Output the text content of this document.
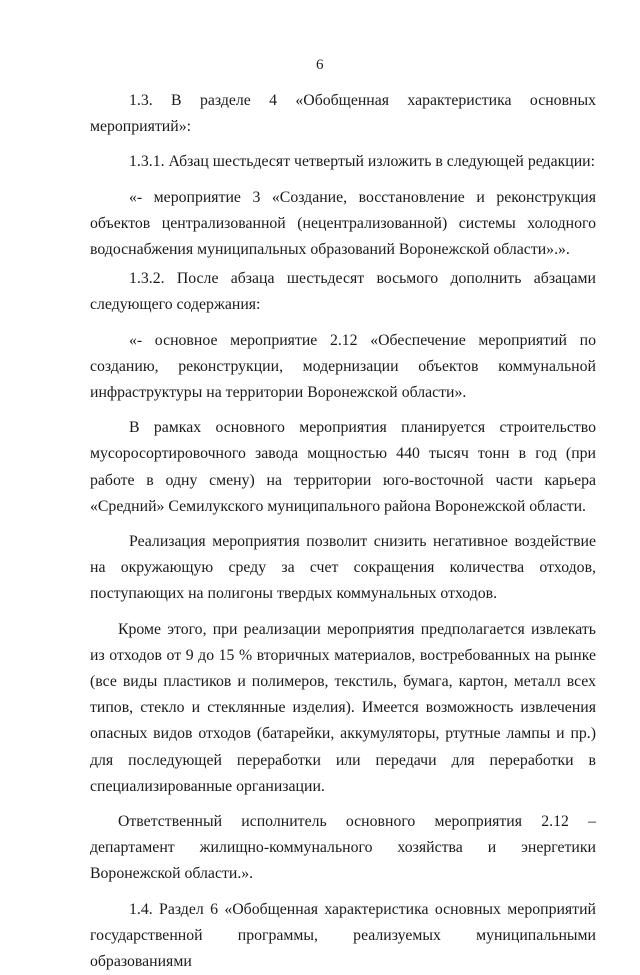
6

1.3. В разделе 4 «Обобщенная характеристика основных мероприятий»:

1.3.1. Абзац шестьдесят четвертый изложить в следующей редакции:

«- мероприятие 3 «Создание, восстановление и реконструкция объектов централизованной (нецентрализованной) системы холодного водоснабжения муниципальных образований Воронежской области».».

1.3.2. После абзаца шестьдесят восьмого дополнить абзацами следующего содержания:

«- основное мероприятие 2.12 «Обеспечение мероприятий по созданию, реконструкции, модернизации объектов коммунальной инфраструктуры на территории Воронежской области».

В рамках основного мероприятия планируется строительство мусоросортировочного завода мощностью 440 тысяч тонн в год (при работе в одну смену) на территории юго-восточной части карьера «Средний» Семилукского муниципального района Воронежской области.

Реализация мероприятия позволит снизить негативное воздействие на окружающую среду за счет сокращения количества отходов, поступающих на полигоны твердых коммунальных отходов.

Кроме этого, при реализации мероприятия предполагается извлекать из отходов от 9 до 15 % вторичных материалов, востребованных на рынке (все виды пластиков и полимеров, текстиль, бумага, картон, металл всех типов, стекло и стеклянные изделия). Имеется возможность извлечения опасных видов отходов (батарейки, аккумуляторы, ртутные лампы и пр.) для последующей переработки или передачи для переработки в специализированные организации.

Ответственный исполнитель основного мероприятия 2.12 – департамент жилищно-коммунального хозяйства и энергетики Воронежской области.».

1.4. Раздел 6 «Обобщенная характеристика основных мероприятий государственной программы, реализуемых муниципальными образованиями
